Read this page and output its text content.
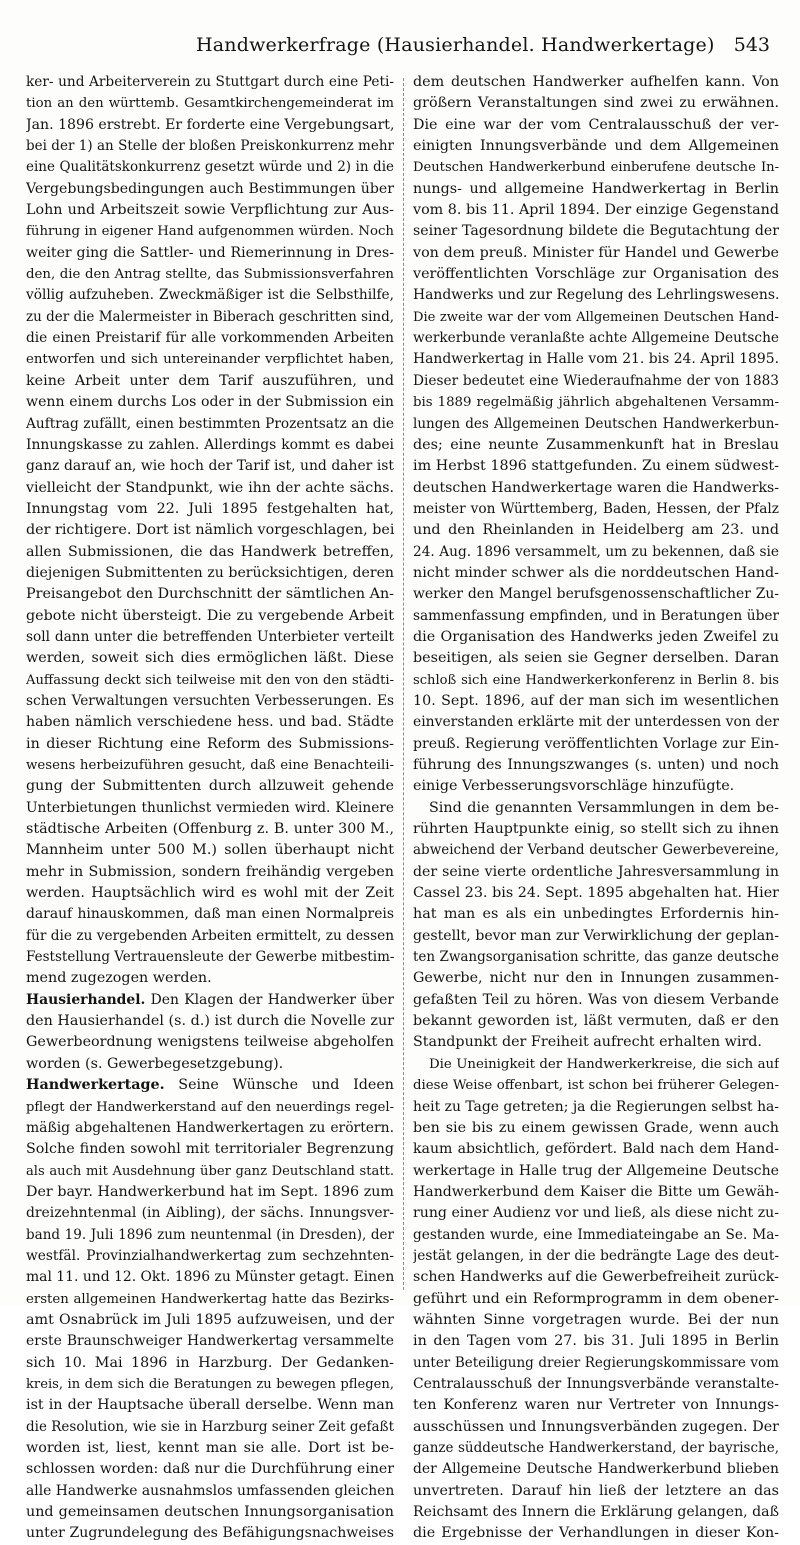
Handwerkerfrage (Hausierhandel. Handwerkertage) 543
ker- und Arbeiterverein zu Stuttgart durch eine Peti-
tion an den württemb. Gesamtkirchengemeinderat im
Jan. 1896 erstrebt. Er forderte eine Vergebungsart,
bei der 1) an Stelle der bloßen Preiskonkurrenz mehr
eine Qualitätskonkurrenz gesetzt würde und 2) in die
Vergebungsbedingungen auch Bestimmungen über
Lohn und Arbeitszeit sowie Verpflichtung zur Aus-
führung in eigener Hand aufgenommen würden. Noch
weiter ging die Sattler- und Riemerinnung in Dres-
den, die den Antrag stellte, das Submissionsverfahren
völlig aufzuheben. Zweckmäßiger ist die Selbsthilfe,
zu der die Malermeister in Biberach geschritten sind,
die einen Preistarif für alle vorkommenden Arbeiten
entworfen und sich untereinander verpflichtet haben,
keine Arbeit unter dem Tarif auszuführen, und
wenn einem durchs Los oder in der Submission ein
Auftrag zufällt, einen bestimmten Prozentsatz an die
Innungskasse zu zahlen. Allerdings kommt es dabei
ganz darauf an, wie hoch der Tarif ist, und daher ist
vielleicht der Standpunkt, wie ihn der achte sächs.
Innungstag vom 22. Juli 1895 festgehalten hat,
der richtigere. Dort ist nämlich vorgeschlagen, bei
allen Submissionen, die das Handwerk betreffen,
diejenigen Submittenten zu berücksichtigen, deren
Preisangebot den Durchschnitt der sämtlichen An-
gebote nicht übersteigt. Die zu vergebende Arbeit
soll dann unter die betreffenden Unterbieter verteilt
werden, soweit sich dies ermöglichen läßt. Diese
Auffassung deckt sich teilweise mit den von den städti-
schen Verwaltungen versuchten Verbesserungen. Es
haben nämlich verschiedene hess. und bad. Städte
in dieser Richtung eine Reform des Submissions-
wesens herbeizuführen gesucht, daß eine Benachteili-
gung der Submittenten durch allzuweit gehende
Unterbietungen thunlichst vermieden wird. Kleinere
städtische Arbeiten (Offenburg z. B. unter 300 M.,
Mannheim unter 500 M.) sollen überhaupt nicht
mehr in Submission, sondern freihändig vergeben
werden. Hauptsächlich wird es wohl mit der Zeit
darauf hinauskommen, daß man einen Normalpreis
für die zu vergebenden Arbeiten ermittelt, zu dessen
Feststellung Vertrauensleute der Gewerbe mitbestim-
mend zugezogen werden.
Hausierhandel. Den Klagen der Handwerker über
den Hausierhandel (s. d.) ist durch die Novelle zur
Gewerbeordnung wenigstens teilweise abgeholfen
worden (s. Gewerbegesetzgebung).
Handwerkertage. Seine Wünsche und Ideen
pflegt der Handwerkerstand auf den neuerdings regel-
mäßig abgehaltenen Handwerkertagen zu erörtern.
Solche finden sowohl mit territorialer Begrenzung
als auch mit Ausdehnung über ganz Deutschland statt.
Der bayr. Handwerkerbund hat im Sept. 1896 zum
dreizehntenmal (in Aibling), der sächs. Innungsver-
band 19. Juli 1896 zum neuntenmal (in Dresden), der
westfäl. Provinzialhandwerkertag zum sechzehnten-
mal 11. und 12. Okt. 1896 zu Münster getagt. Einen
ersten allgemeinen Handwerkertag hatte das Bezirks-
amt Osnabrück im Juli 1895 aufzuweisen, und der
erste Braunschweiger Handwerkertag versammelte
sich 10. Mai 1896 in Harzburg. Der Gedanken-
kreis, in dem sich die Beratungen zu bewegen pflegen,
ist in der Hauptsache überall derselbe. Wenn man
die Resolution, wie sie in Harzburg seiner Zeit gefaßt
worden ist, liest, kennt man sie alle. Dort ist be-
schlossen worden: daß nur die Durchführung einer
alle Handwerke ausnahmslos umfassenden gleichen
und gemeinsamen deutschen Innungsorganisation
unter Zugrundelegung des Befähigungsnachweises
dem deutschen Handwerker aufhelfen kann. Von
größern Veranstaltungen sind zwei zu erwähnen.
Die eine war der vom Centralausschuß der ver-
einigten Innungsverbände und dem Allgemeinen
Deutschen Handwerkerbund einberufene deutsche In-
nungs- und allgemeine Handwerkertag in Berlin
vom 8. bis 11. April 1894. Der einzige Gegenstand
seiner Tagesordnung bildete die Begutachtung der
von dem preuß. Minister für Handel und Gewerbe
veröffentlichten Vorschläge zur Organisation des
Handwerks und zur Regelung des Lehrlingswesens.
Die zweite war der vom Allgemeinen Deutschen Hand-
werkerbunde veranlaßte achte Allgemeine Deutsche
Handwerkertag in Halle vom 21. bis 24. April 1895.
Dieser bedeutet eine Wiederaufnahme der von 1883
bis 1889 regelmäßig jährlich abgehaltenen Versamm-
lungen des Allgemeinen Deutschen Handwerkerbun-
des; eine neunte Zusammenkunft hat in Breslau
im Herbst 1896 stattgefunden. Zu einem südwest-
deutschen Handwerkertage waren die Handwerks-
meister von Württemberg, Baden, Hessen, der Pfalz
und den Rheinlanden in Heidelberg am 23. und
24. Aug. 1896 versammelt, um zu bekennen, daß sie
nicht minder schwer als die norddeutschen Hand-
werker den Mangel berufsgenossenschaftlicher Zu-
sammenfassung empfinden, und in Beratungen über
die Organisation des Handwerks jeden Zweifel zu
beseitigen, als seien sie Gegner derselben. Daran
schloß sich eine Handwerkerkonferenz in Berlin 8. bis
10. Sept. 1896, auf der man sich im wesentlichen
einverstanden erklärte mit der unterdessen von der
preuß. Regierung veröffentlichten Vorlage zur Ein-
führung des Innungszwanges (s. unten) und noch
einige Verbesserungsvorschläge hinzufügte.
Sind die genannten Versammlungen in dem be-
rührten Hauptpunkte einig, so stellt sich zu ihnen
abweichend der Verband deutscher Gewerbevereine,
der seine vierte ordentliche Jahresversammlung in
Cassel 23. bis 24. Sept. 1895 abgehalten hat. Hier
hat man es als ein unbedingtes Erfordernis hin-
gestellt, bevor man zur Verwirklichung der geplan-
ten Zwangsorganisation schritte, das ganze deutsche
Gewerbe, nicht nur den in Innungen zusammen-
gefaßten Teil zu hören. Was von diesem Verbande
bekannt geworden ist, läßt vermuten, daß er den
Standpunkt der Freiheit aufrecht erhalten wird.
Die Uneinigkeit der Handwerkerkreise, die sich auf
diese Weise offenbart, ist schon bei früherer Gelegen-
heit zu Tage getreten; ja die Regierungen selbst ha-
ben sie bis zu einem gewissen Grade, wenn auch
kaum absichtlich, gefördert. Bald nach dem Hand-
werkertage in Halle trug der Allgemeine Deutsche
Handwerkerbund dem Kaiser die Bitte um Gewäh-
rung einer Audienz vor und ließ, als diese nicht zu-
gestanden wurde, eine Immediateingabe an Se. Ma-
jestät gelangen, in der die bedrängte Lage des deut-
schen Handwerks auf die Gewerbefreiheit zurück-
geführt und ein Reformprogramm in dem obener-
wähnten Sinne vorgetragen wurde. Bei der nun
in den Tagen vom 27. bis 31. Juli 1895 in Berlin
unter Beteiligung dreier Regierungskommissare vom
Centralausschuß der Innungsverbände veranstalte-
ten Konferenz waren nur Vertreter von Innungs-
ausschüssen und Innungsverbänden zugegen. Der
ganze süddeutsche Handwerkerstand, der bayrische,
der Allgemeine Deutsche Handwerkerbund blieben
unvertreten. Darauf hin ließ der letztere an das
Reichsamt des Innern die Erklärung gelangen, daß
die Ergebnisse der Verhandlungen in dieser Kon-
